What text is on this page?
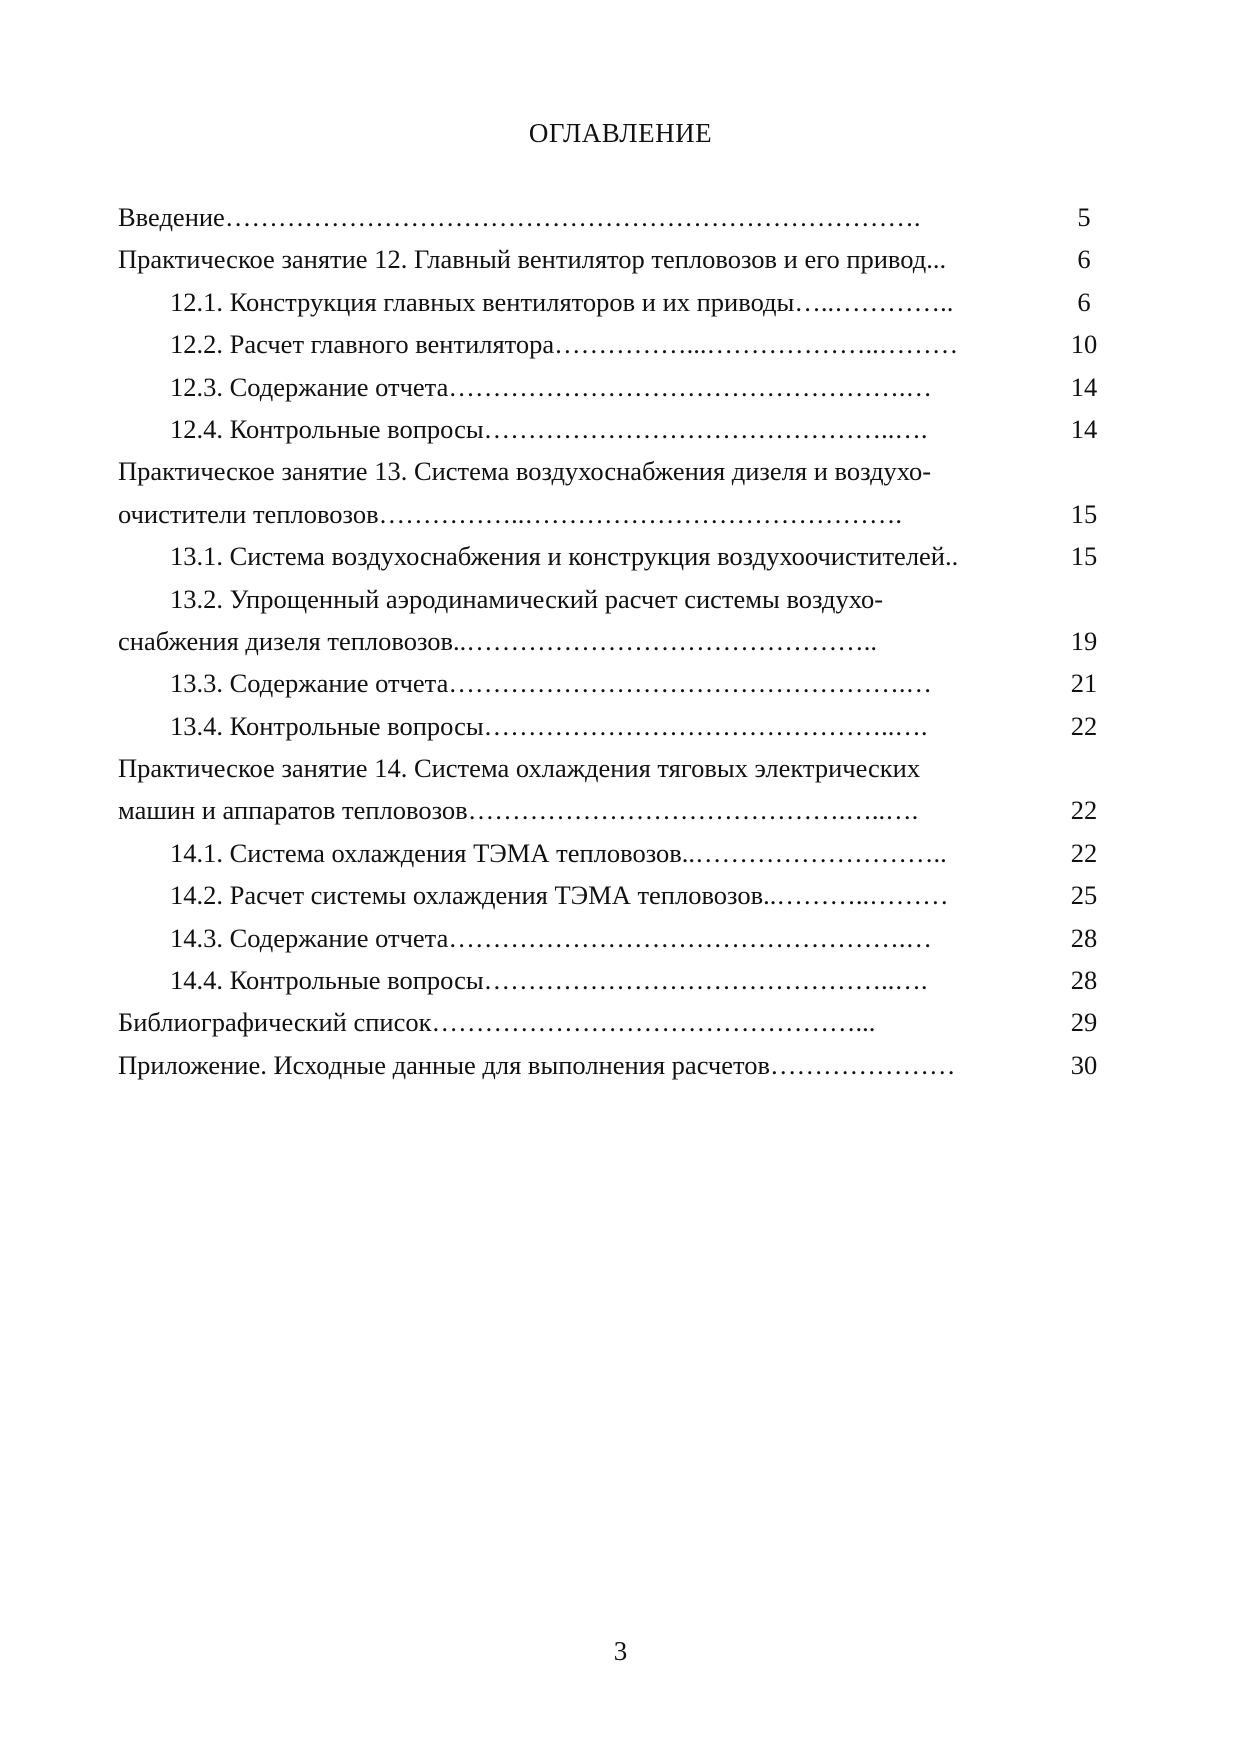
ОГЛАВЛЕНИЕ
Введение…………………………………………………………………….	5
Практическое занятие 12. Главный вентилятор тепловозов и его привод...	6
12.1. Конструкция главных вентиляторов и их приводы…..…………..	6
12.2. Расчет главного вентилятора……………...………………..………	10
12.3. Содержание отчета…………………………………………….…	14
12.4. Контрольные вопросы………………………………………..….	14
Практическое занятие 13. Система воздухоснабжения дизеля и воздухо-
очистители тепловозов……………..…………………………………….	15
13.1. Система воздухоснабжения и конструкция воздухоочистителей..	15
13.2. Упрощенный аэродинамический расчет системы воздухо-
снабжения дизеля тепловозов..………………………………………..	19
13.3. Содержание отчета…………………………………………….…	21
13.4. Контрольные вопросы………………………………………..….	22
Практическое занятие 14. Система охлаждения тяговых электрических
машин и аппаратов тепловозов…………………………………….…..….	22
14.1. Система охлаждения ТЭМА тепловозов..………………………..	22
14.2. Расчет системы охлаждения ТЭМА тепловозов..………..………	25
14.3. Содержание отчета…………………………………………….…	28
14.4. Контрольные вопросы………………………………………..….	28
Библиографический список…………………………………………...	29
Приложение. Исходные данные для выполнения расчетов…………………	30
3
